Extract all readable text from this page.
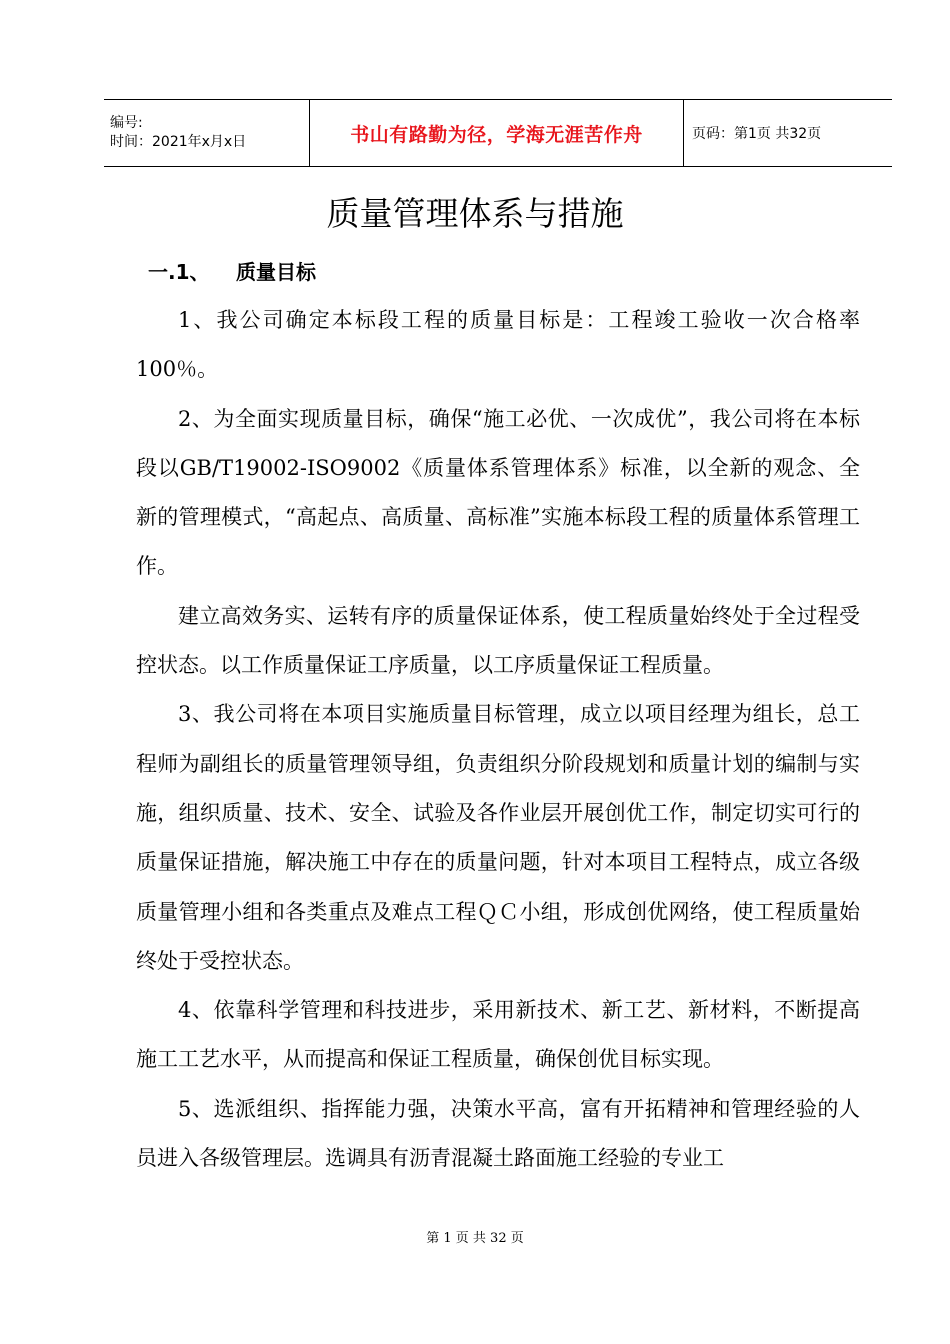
编号:
时间：2021年x月x日	书山有路勤为径，学海无涯苦作舟	页码：第1页 共32页
质量管理体系与措施
一.1、 质量目标

1、我公司确定本标段工程的质量目标是：工程竣工验收一次合格率100％。

2、为全面实现质量目标，确保“施工必优、一次成优”，我公司将在本标段以GB/T19002-ISO9002《质量体系管理体系》标准，以全新的观念、全新的管理模式，“高起点、高质量、高标准”实施本标段工程的质量体系管理工作。

建立高效务实、运转有序的质量保证体系，使工程质量始终处于全过程受控状态。以工作质量保证工序质量，以工序质量保证工程质量。

3、我公司将在本项目实施质量目标管理，成立以项目经理为组长，总工程师为副组长的质量管理领导组，负责组织分阶段规划和质量计划的编制与实施，组织质量、技术、安全、试验及各作业层开展创优工作，制定切实可行的质量保证措施，解决施工中存在的质量问题，针对本项目工程特点，成立各级质量管理小组和各类重点及难点工程ＱＣ小组，形成创优网络，使工程质量始终处于受控状态。

4、依靠科学管理和科技进步，采用新技术、新工艺、新材料，不断提高施工工艺水平，从而提高和保证工程质量，确保创优目标实现。

5、选派组织、指挥能力强，决策水平高，富有开拓精神和管理经验的人员进入各级管理层。选调具有沥青混凝土路面施工经验的专业工

第 1 页 共 32 页
